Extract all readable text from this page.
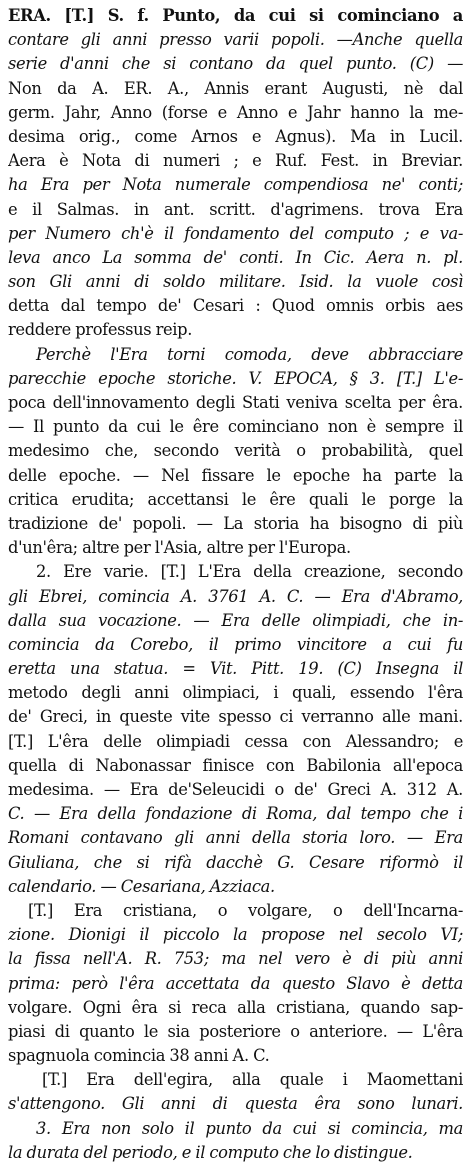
ERA. [T.] S. f. Punto, da cui si cominciano a
contare gli anni presso varii popoli. —Anche quella
serie d'anni che si contano da quel punto. (C) —
Non da A. ER. A., Annis erant Augusti, nè dal
germ. Jahr, Anno (forse e Anno e Jahr hanno la me-
desima orig., come Arnos e Agnus). Ma in Lucil.
Aera è Nota di numeri ; e Ruf. Fest. in Breviar.
ha Era per Nota numerale compendiosa ne' conti;
e il Salmas. in ant. scritt. d'agrimens. trova Era
per Numero ch'è il fondamento del computo ; e va-
leva anco La somma de' conti. In Cic. Aera n. pl.
son Gli anni di soldo militare. Isid. la vuole così
detta dal tempo de' Cesari : Quod omnis orbis aes
reddere professus reip.
Perchè l'Era torni comoda, deve abbracciare
parecchie epoche storiche. V. EPOCA, § 3. [T.] L'e-
poca dell'innovamento degli Stati veniva scelta per êra.
— Il punto da cui le êre cominciano non è sempre il
medesimo che, secondo verità o probabilità, quel
delle epoche. — Nel fissare le epoche ha parte la
critica erudita; accettansi le êre quali le porge la
tradizione de' popoli. — La storia ha bisogno di più
d'un'êra; altre per l'Asia, altre per l'Europa.
2. Ere varie. [T.] L'Era della creazione, secondo
gli Ebrei, comincia A. 3761 A. C. — Era d'Abramo,
dalla sua vocazione. — Era delle olimpiadi, che in-
comincia da Corebo, il primo vincitore a cui fu
eretta una statua. = Vit. Pitt. 19. (C) Insegna il
metodo degli anni olimpiaci, i quali, essendo l'êra
de' Greci, in queste vite spesso ci verranno alle mani.
[T.] L'êra delle olimpiadi cessa con Alessandro; e
quella di Nabonassar finisce con Babilonia all'epoca
medesima. — Era de'Seleucidi o de' Greci A. 312 A.
C. — Era della fondazione di Roma, dal tempo che i
Romani contavano gli anni della storia loro. — Era
Giuliana, che si rifà dacchè G. Cesare riformò il
calendario. — Cesariana, Azziaca.
[T.] Era cristiana, o volgare, o dell'Incarna-
zione. Dionigi il piccolo la propose nel secolo VI;
la fissa nell'A. R. 753; ma nel vero è di più anni
prima: però l'êra accettata da questo Slavo è detta
volgare. Ogni êra si reca alla cristiana, quando sap-
piasi di quanto le sia posteriore o anteriore. — L'êra
spagnuola comincia 38 anni A. C.
[T.] Era dell'egira, alla quale i Maomettani
s'attengono. Gli anni di questa êra sono lunari.
3. Era non solo il punto da cui si comincia, ma
la durata del periodo, e il computo che lo distingue.
